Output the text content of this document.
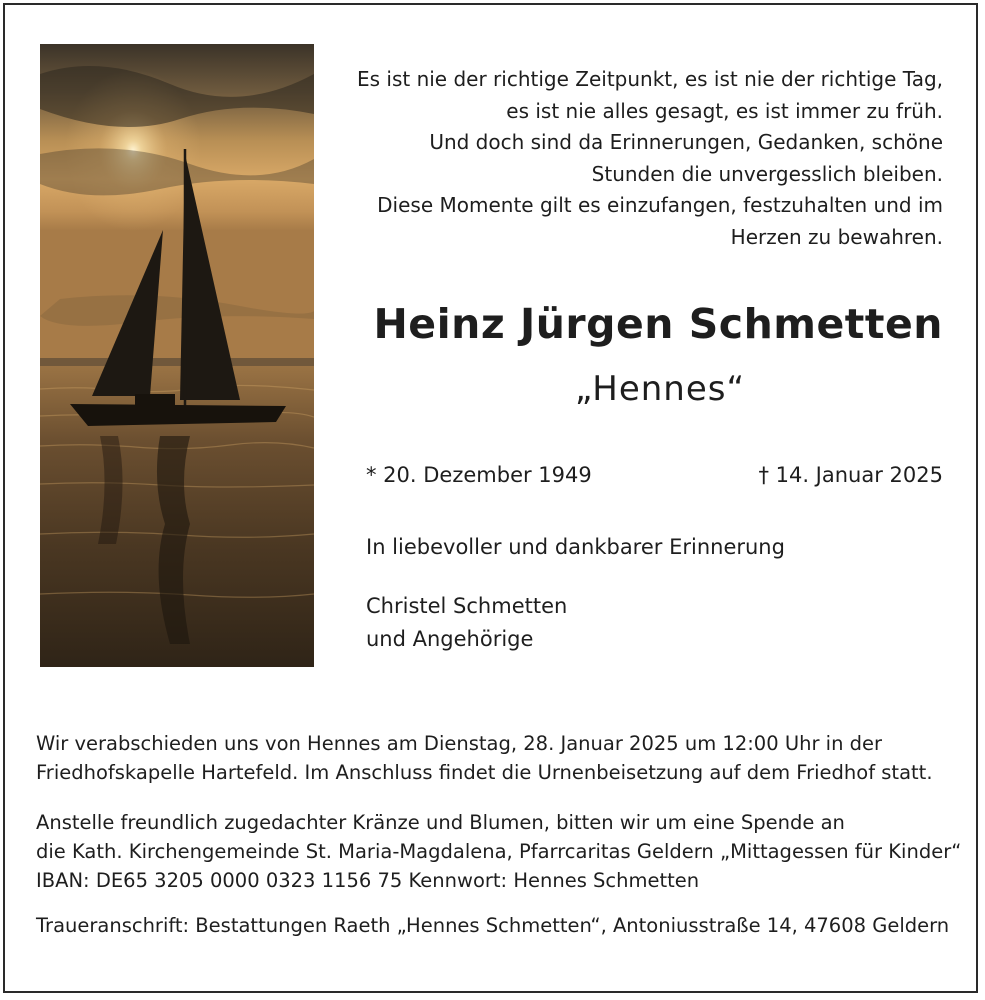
Es ist nie der richtige Zeitpunkt, es ist nie der richtige Tag,
es ist nie alles gesagt, es ist immer zu früh.
Und doch sind da Erinnerungen, Gedanken, schöne
Stunden die unvergesslich bleiben.
Diese Momente gilt es einzufangen, festzuhalten und im
Herzen zu bewahren.
Heinz Jürgen Schmetten
„Hennes“
* 20. Dezember 1949	† 14. Januar 2025
In liebevoller und dankbarer Erinnerung
Christel Schmetten
und Angehörige
Wir verabschieden uns von Hennes am Dienstag, 28. Januar 2025 um 12:00 Uhr in der
Friedhofskapelle Hartefeld. Im Anschluss findet die Urnenbeisetzung auf dem Friedhof statt.
Anstelle freundlich zugedachter Kränze und Blumen, bitten wir um eine Spende an
die Kath. Kirchengemeinde St. Maria-Magdalena, Pfarrcaritas Geldern „Mittagessen für Kinder“
IBAN: DE65 3205 0000 0323 1156 75 Kennwort: Hennes Schmetten
Traueranschrift: Bestattungen Raeth „Hennes Schmetten“, Antoniusstraße 14, 47608 Geldern
